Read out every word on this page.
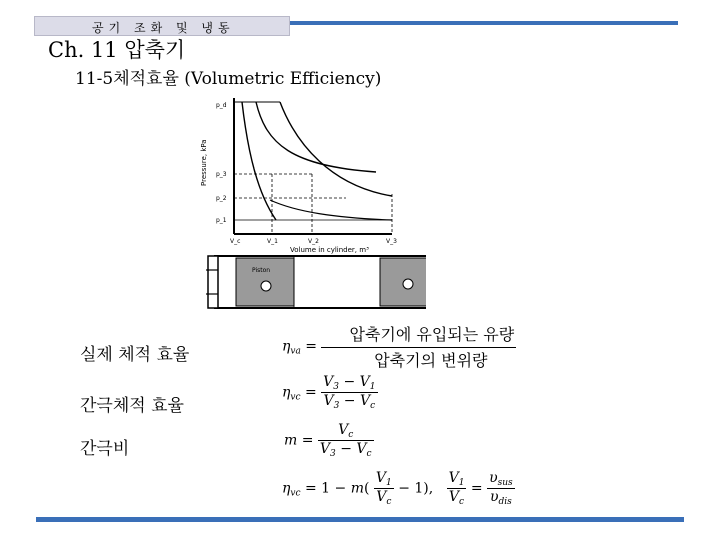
공기 조화 및 냉동
Ch. 11 압축기
11-5체적효율 (Volumetric Efficiency)
Pressure, kPa
p_d
p_3
p_2
p_1
V_c	V_1	V_2	V_3
Volume in cylinder, m³
Piston
실제 체적 효율
간극체적 효율
간극비
$\eta_{va} = \frac{\text{압축기에 유입되는 유량}}{\text{압축기의 변위량}}$
$\eta_{vc} = \frac{V_3 - V_1}{V_3 - V_c}$
$m = \frac{V_c}{V_3 - V_c}$
$\eta_{vc} = 1 - m( \frac{V_1}{V_c} - 1)$, $\frac{V_1}{V_c} = \frac{\upsilon_{sus}}{\upsilon_{dis}}$
